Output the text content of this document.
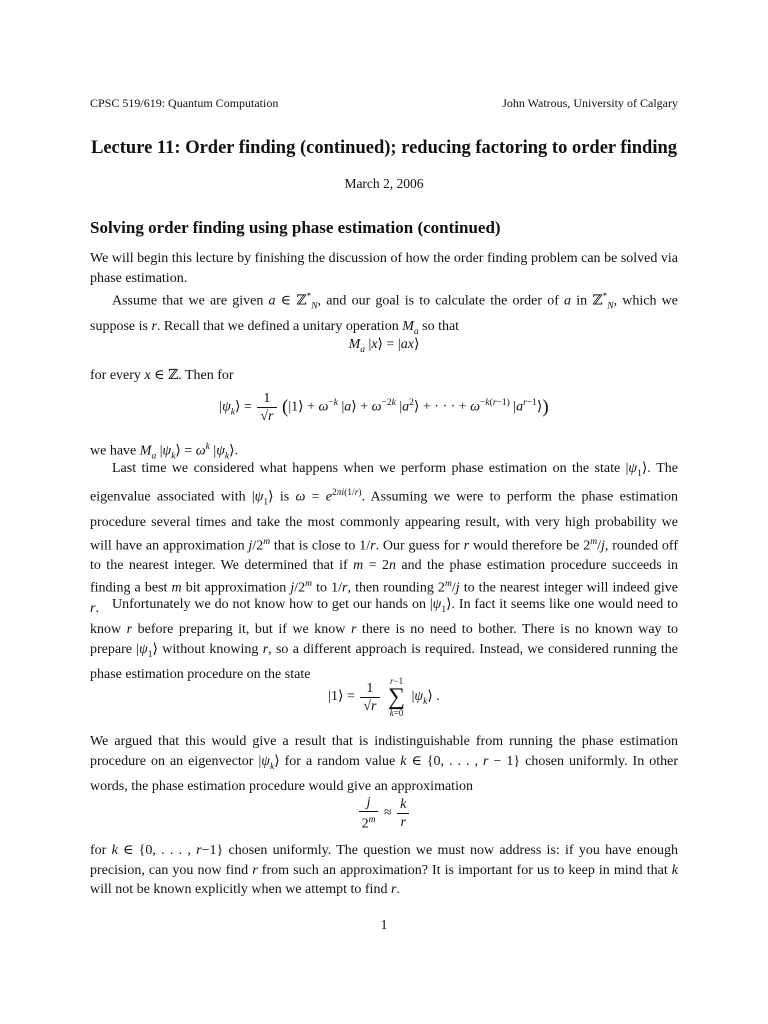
CPSC 519/619: Quantum Computation	John Watrous, University of Calgary
Lecture 11: Order finding (continued); reducing factoring to order finding
March 2, 2006
Solving order finding using phase estimation (continued)
We will begin this lecture by finishing the discussion of how the order finding problem can be solved via phase estimation.
Assume that we are given a ∈ ℤ*$_N$, and our goal is to calculate the order of a in ℤ*$_N$, which we suppose is r. Recall that we defined a unitary operation $M_a$ so that
$M_a$ |x⟩ = |ax⟩
for every x ∈ ℤ. Then for
$|\psi_k⟩ = \frac{1}{√r}$ (|1⟩ + $\omega^{-k}$ |a⟩ + $\omega^{-2k}$ $|a^2⟩$ + · · · + $\omega^{-k(r-1)}$ $|a^{r-1}⟩$)
we have $M_a$ $|\psi_k⟩ = \omega^k$ $|\psi_k⟩$.
Last time we considered what happens when we perform phase estimation on the state $|\psi_1⟩$. The eigenvalue associated with $|\psi_1⟩$ is $\omega = e^{2\pi i(1/r)}$. Assuming we were to perform the phase estimation procedure several times and take the most commonly appearing result, with very high probability we will have an approximation j/2$^m$ that is close to 1/r. Our guess for r would therefore be 2$^m$/j, rounded off to the nearest integer. We determined that if m = 2n and the phase estimation procedure succeeds in finding a best m bit approximation j/2$^m$ to 1/r, then rounding 2$^m$/j to the nearest integer will indeed give r. Unfortunately we do not know how to get our hands on $|\psi_1⟩$. In fact it seems like one would need to know r before preparing it, but if we know r there is no need to bother. There is no known way to prepare $|\psi_1⟩$ without knowing r, so a different approach is required. Instead, we considered running the phase estimation procedure on the state
|1⟩ = $\frac{1}{√r}$
r−1
∑
k=0
$|\psi_k⟩$ .
We argued that this would give a result that is indistinguishable from running the phase estimation procedure on an eigenvector $|\psi_k⟩$ for a random value k ∈ {0, . . . , r − 1} chosen uniformly. In other words, the phase estimation procedure would give an approximation
$\frac{j}{2^m} \approx \frac{k}{r}$
for k ∈ {0, . . . , r−1} chosen uniformly. The question we must now address is: if you have enough precision, can you now find r from such an approximation? It is important for us to keep in mind that k will not be known explicitly when we attempt to find r.
1
